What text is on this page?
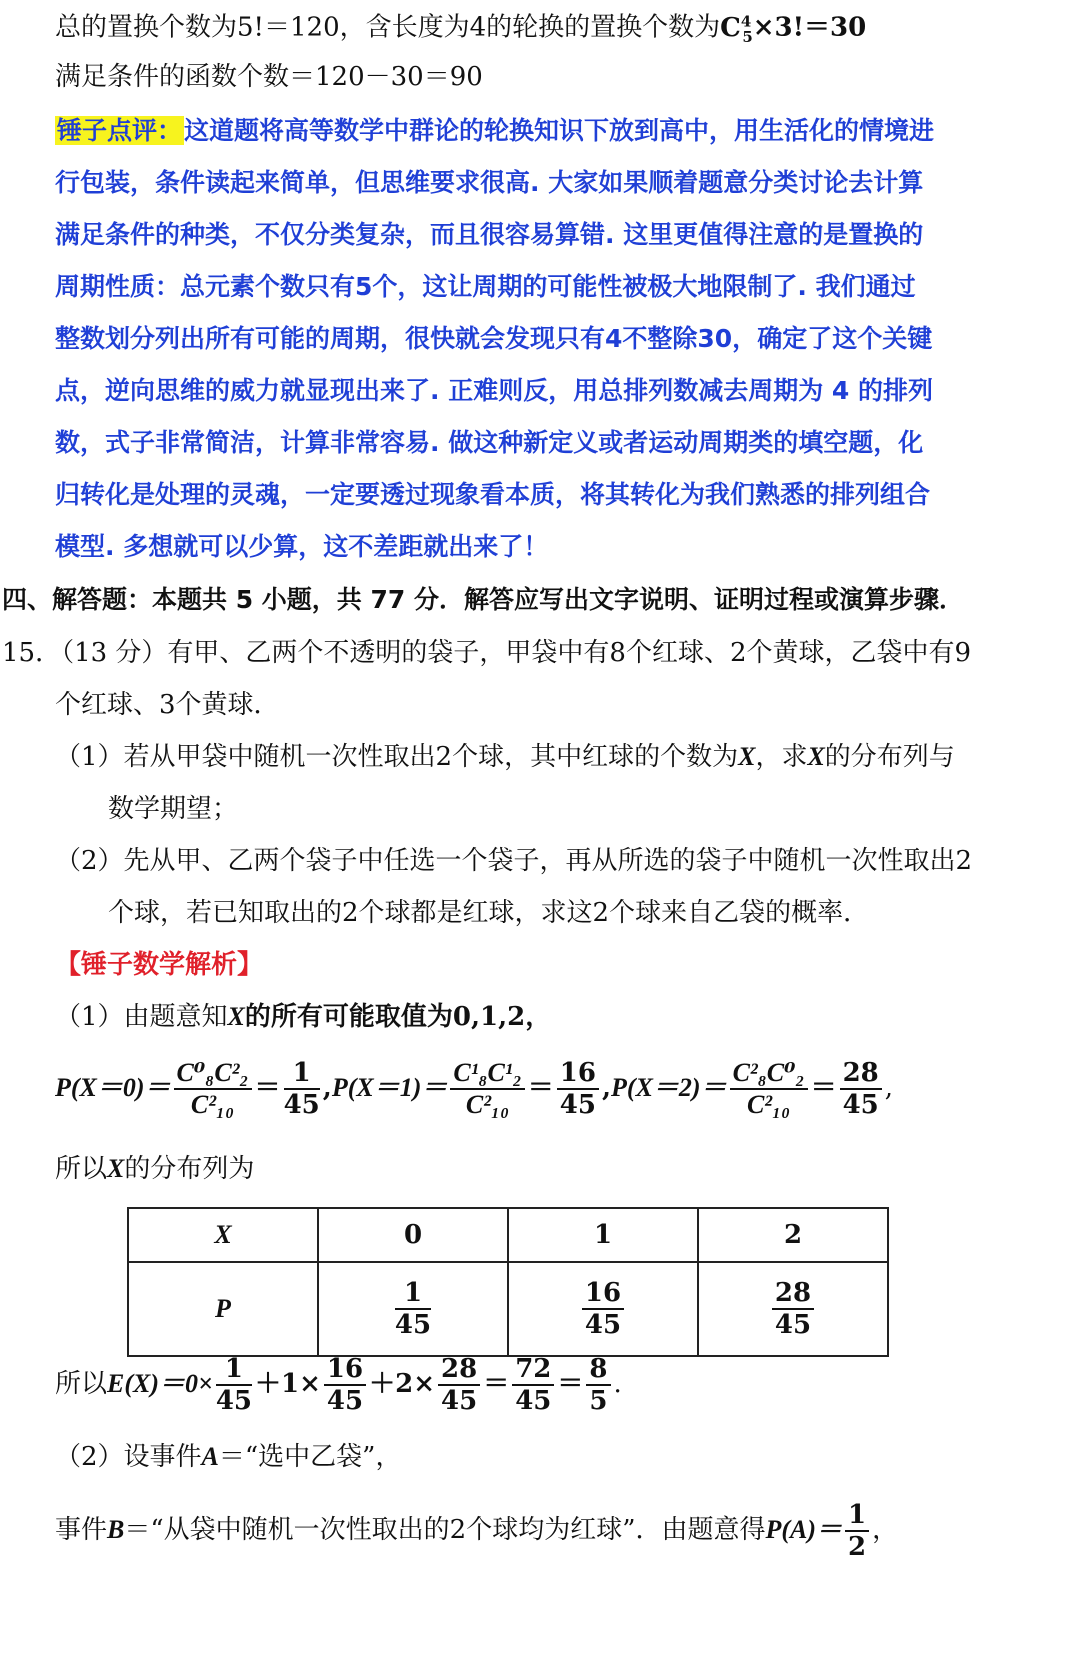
总的置换个数为5!＝120，含长度为4的轮换的置换个数为$C^4_5\times 3!=30$
满足条件的函数个数＝120－30＝90
锤子点评：这道题将高等数学中群论的轮换知识下放到高中，用生活化的情境进
行包装，条件读起来简单，但思维要求很高. 大家如果顺着题意分类讨论去计算
满足条件的种类，不仅分类复杂，而且很容易算错. 这里更值得注意的是置换的
周期性质：总元素个数只有5个，这让周期的可能性被极大地限制了. 我们通过
整数划分列出所有可能的周期，很快就会发现只有4不整除30，确定了这个关键
点，逆向思维的威力就显现出来了. 正难则反，用总排列数减去周期为 4 的排列
数，式子非常简洁，计算非常容易. 做这种新定义或者运动周期类的填空题，化
归转化是处理的灵魂，一定要透过现象看本质，将其转化为我们熟悉的排列组合
模型. 多想就可以少算，这不差距就出来了！
四、解答题：本题共 5 小题，共 77 分．解答应写出文字说明、证明过程或演算步骤．
15．（13 分）有甲、乙两个不透明的袋子，甲袋中有8个红球、2个黄球，乙袋中有9
个红球、3个黄球．
（1）若从甲袋中随机一次性取出2个球，其中红球的个数为X，求X的分布列与
数学期望；
（2）先从甲、乙两个袋子中任选一个袋子，再从所选的袋子中随机一次性取出2
个球，若已知取出的2个球都是红球，求这2个球来自乙袋的概率．
【锤子数学解析】
（1）由题意知X的所有可能取值为0,1,2，
$P(X=0)= \frac{\text{C⁰₈C²₂}}{\text{C²₁₀}} = \frac{1}{45} ,P(X=1)= \frac{\text{C¹₈C¹₂}}{\text{C²₁₀}} = \frac{16}{45} ,P(X=2)= \frac{\text{C²₈C⁰₂}}{\text{C²₁₀}} = \frac{28}{45}$ ,
所以X的分布列为
X	0	1	2
P	$\frac{1}{45}$	$\frac{16}{45}$	$\frac{28}{45}$
所以$E(X)=0\times \frac{1}{45} +1\times \frac{16}{45} +2\times \frac{28}{45} = \frac{72}{45} = \frac{8}{5}$ .
（2）设事件A＝“选中乙袋”，
事件B＝“从袋中随机一次性取出的2个球均为红球”．由题意得$P(A)= \frac{1}{2}$ ，
